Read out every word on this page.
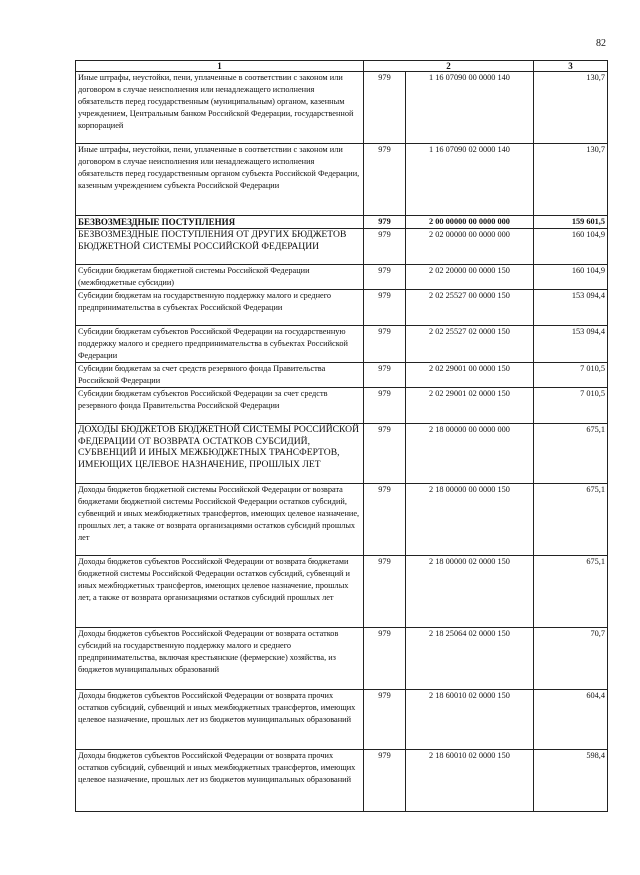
82
1	2		3
Иные штрафы, неустойки, пени, уплаченные в соответствии с законом или договором в случае неисполнения или ненадлежащего исполнения обязательств перед государственным (муниципальным) органом, казенным учреждением, Центральным банком Российской Федерации, государственной корпорацией	979	1 16 07090 00 0000 140	130,7
Иные штрафы, неустойки, пени, уплаченные в соответствии с законом или договором в случае неисполнения или ненадлежащего исполнения обязательств перед государственным органом субъекта Российской Федерации, казенным учреждением субъекта Российской Федерации	979	1 16 07090 02 0000 140	130,7
БЕЗВОЗМЕЗДНЫЕ ПОСТУПЛЕНИЯ	979	2 00 00000 00 0000 000	159 601,5
БЕЗВОЗМЕЗДНЫЕ ПОСТУПЛЕНИЯ ОТ ДРУГИХ БЮДЖЕТОВ БЮДЖЕТНОЙ СИСТЕМЫ РОССИЙСКОЙ ФЕДЕРАЦИИ	979	2 02 00000 00 0000 000	160 104,9
Субсидии бюджетам бюджетной системы Российской Федерации (межбюджетные субсидии)	979	2 02 20000 00 0000 150	160 104,9
Субсидии бюджетам на государственную поддержку малого и среднего предпринимательства в субъектах Российской Федерации	979	2 02 25527 00 0000 150	153 094,4
Субсидии бюджетам субъектов Российской Федерации на государственную поддержку малого и среднего предпринимательства в субъектах Российской Федерации	979	2 02 25527 02 0000 150	153 094,4
Субсидии бюджетам за счет средств резервного фонда Правительства Российской Федерации	979	2 02 29001 00 0000 150	7 010,5
Субсидии бюджетам субъектов Российской Федерации за счет средств резервного фонда Правительства Российской Федерации	979	2 02 29001 02 0000 150	7 010,5
ДОХОДЫ БЮДЖЕТОВ БЮДЖЕТНОЙ СИСТЕМЫ РОССИЙСКОЙ ФЕДЕРАЦИИ ОТ ВОЗВРАТА ОСТАТКОВ СУБСИДИЙ, СУБВЕНЦИЙ И ИНЫХ МЕЖБЮДЖЕТНЫХ ТРАНСФЕРТОВ, ИМЕЮЩИХ ЦЕЛЕВОЕ НАЗНАЧЕНИЕ, ПРОШЛЫХ ЛЕТ	979	2 18 00000 00 0000 000	675,1
Доходы бюджетов бюджетной системы Российской Федерации от возврата бюджетами бюджетной системы Российской Федерации остатков субсидий, субвенций и иных межбюджетных трансфертов, имеющих целевое назначение, прошлых лет, а также от возврата организациями остатков субсидий прошлых лет	979	2 18 00000 00 0000 150	675,1
Доходы бюджетов субъектов Российской Федерации от возврата бюджетами бюджетной системы Российской Федерации остатков субсидий, субвенций и иных межбюджетных трансфертов, имеющих целевое назначение, прошлых лет, а также от возврата организациями остатков субсидий прошлых лет	979	2 18 00000 02 0000 150	675,1
Доходы бюджетов субъектов Российской Федерации от возврата остатков субсидий на государственную поддержку малого и среднего предпринимательства, включая крестьянские (фермерские) хозяйства, из бюджетов муниципальных образований	979	2 18 25064 02 0000 150	70,7
Доходы бюджетов субъектов Российской Федерации от возврата прочих остатков субсидий, субвенций и иных межбюджетных трансфертов, имеющих целевое назначение, прошлых лет из бюджетов муниципальных образований	979	2 18 60010 02 0000 150	604,4
Доходы бюджетов субъектов Российской Федерации от возврата прочих остатков субсидий, субвенций и иных межбюджетных трансфертов, имеющих целевое назначение, прошлых лет из бюджетов муниципальных образований	979	2 18 60010 02 0000 150	598,4
